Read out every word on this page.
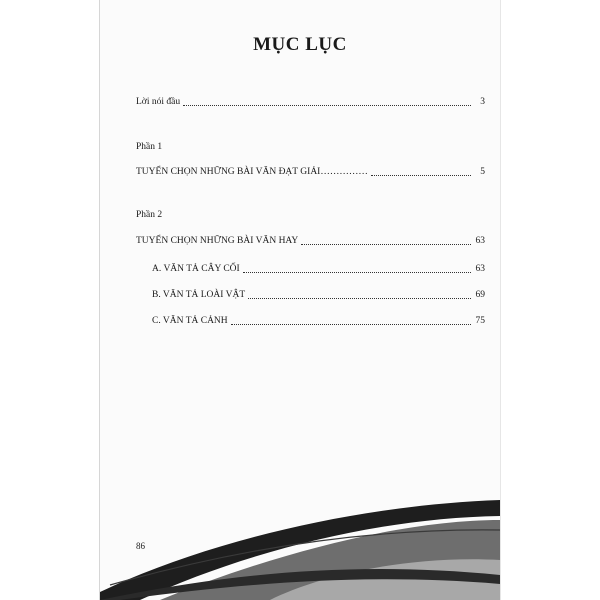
MỤC LỤC
Lời nói đầu	3
Phần 1
TUYỂN CHỌN NHỮNG BÀI VĂN ĐẠT GIẢI……………	5
Phần 2
TUYỂN CHỌN NHỮNG BÀI VĂN HAY	63
A. VĂN TẢ CÂY CỐI	63
B. VĂN TẢ LOÀI VẬT	69
C. VĂN TẢ CẢNH	75
86
